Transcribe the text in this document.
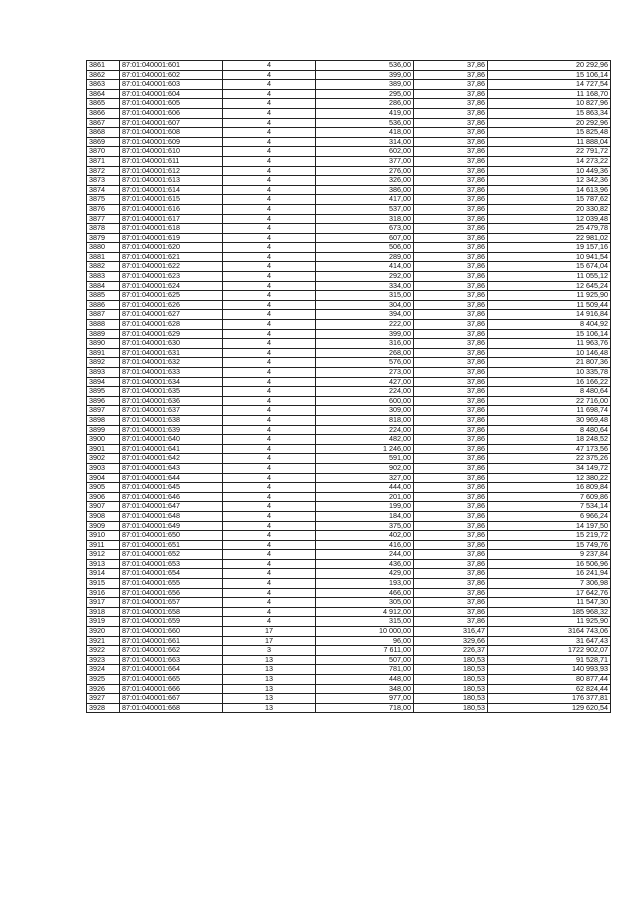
3861	87:01:040001:601	4	536,00	37,86	20 292,96
3862	87:01:040001:602	4	399,00	37,86	15 106,14
3863	87:01:040001:603	4	389,00	37,86	14 727,54
3864	87:01:040001:604	4	295,00	37,86	11 168,70
3865	87:01:040001:605	4	286,00	37,86	10 827,96
3866	87:01:040001:606	4	419,00	37,86	15 863,34
3867	87:01:040001:607	4	536,00	37,86	20 292,96
3868	87:01:040001:608	4	418,00	37,86	15 825,48
3869	87:01:040001:609	4	314,00	37,86	11 888,04
3870	87:01:040001:610	4	602,00	37,86	22 791,72
3871	87:01:040001:611	4	377,00	37,86	14 273,22
3872	87:01:040001:612	4	276,00	37,86	10 449,36
3873	87:01:040001:613	4	326,00	37,86	12 342,36
3874	87:01:040001:614	4	386,00	37,86	14 613,96
3875	87:01:040001:615	4	417,00	37,86	15 787,62
3876	87:01:040001:616	4	537,00	37,86	20 330,82
3877	87:01:040001:617	4	318,00	37,86	12 039,48
3878	87:01:040001:618	4	673,00	37,86	25 479,78
3879	87:01:040001:619	4	607,00	37,86	22 981,02
3880	87:01:040001:620	4	506,00	37,86	19 157,16
3881	87:01:040001:621	4	289,00	37,86	10 941,54
3882	87:01:040001:622	4	414,00	37,86	15 674,04
3883	87:01:040001:623	4	292,00	37,86	11 055,12
3884	87:01:040001:624	4	334,00	37,86	12 645,24
3885	87:01:040001:625	4	315,00	37,86	11 925,90
3886	87:01:040001:626	4	304,00	37,86	11 509,44
3887	87:01:040001:627	4	394,00	37,86	14 916,84
3888	87:01:040001:628	4	222,00	37,86	8 404,92
3889	87:01:040001:629	4	399,00	37,86	15 106,14
3890	87:01:040001:630	4	316,00	37,86	11 963,76
3891	87:01:040001:631	4	268,00	37,86	10 146,48
3892	87:01:040001:632	4	576,00	37,86	21 807,36
3893	87:01:040001:633	4	273,00	37,86	10 335,78
3894	87:01:040001:634	4	427,00	37,86	16 166,22
3895	87:01:040001:635	4	224,00	37,86	8 480,64
3896	87:01:040001:636	4	600,00	37,86	22 716,00
3897	87:01:040001:637	4	309,00	37,86	11 698,74
3898	87:01:040001:638	4	818,00	37,86	30 969,48
3899	87:01:040001:639	4	224,00	37,86	8 480,64
3900	87:01:040001:640	4	482,00	37,86	18 248,52
3901	87:01:040001:641	4	1 246,00	37,86	47 173,56
3902	87:01:040001:642	4	591,00	37,86	22 375,26
3903	87:01:040001:643	4	902,00	37,86	34 149,72
3904	87:01:040001:644	4	327,00	37,86	12 380,22
3905	87:01:040001:645	4	444,00	37,86	16 809,84
3906	87:01:040001:646	4	201,00	37,86	7 609,86
3907	87:01:040001:647	4	199,00	37,86	7 534,14
3908	87:01:040001:648	4	184,00	37,86	6 966,24
3909	87:01:040001:649	4	375,00	37,86	14 197,50
3910	87:01:040001:650	4	402,00	37,86	15 219,72
3911	87:01:040001:651	4	416,00	37,86	15 749,76
3912	87:01:040001:652	4	244,00	37,86	9 237,84
3913	87:01:040001:653	4	436,00	37,86	16 506,96
3914	87:01:040001:654	4	429,00	37,86	16 241,94
3915	87:01:040001:655	4	193,00	37,86	7 306,98
3916	87:01:040001:656	4	466,00	37,86	17 642,76
3917	87:01:040001:657	4	305,00	37,86	11 547,30
3918	87:01:040001:658	4	4 912,00	37,86	185 968,32
3919	87:01:040001:659	4	315,00	37,86	11 925,90
3920	87:01:040001:660	17	10 000,00	316,47	3164 743,06
3921	87:01:040001:661	17	96,00	329,66	31 647,43
3922	87:01:040001:662	3	7 611,00	226,37	1722 902,07
3923	87:01:040001:663	13	507,00	180,53	91 528,71
3924	87:01:040001:664	13	781,00	180,53	140 993,93
3925	87:01:040001:665	13	448,00	180,53	80 877,44
3926	87:01:040001:666	13	348,00	180,53	62 824,44
3927	87:01:040001:667	13	977,00	180,53	176 377,81
3928	87:01:040001:668	13	718,00	180,53	129 620,54
